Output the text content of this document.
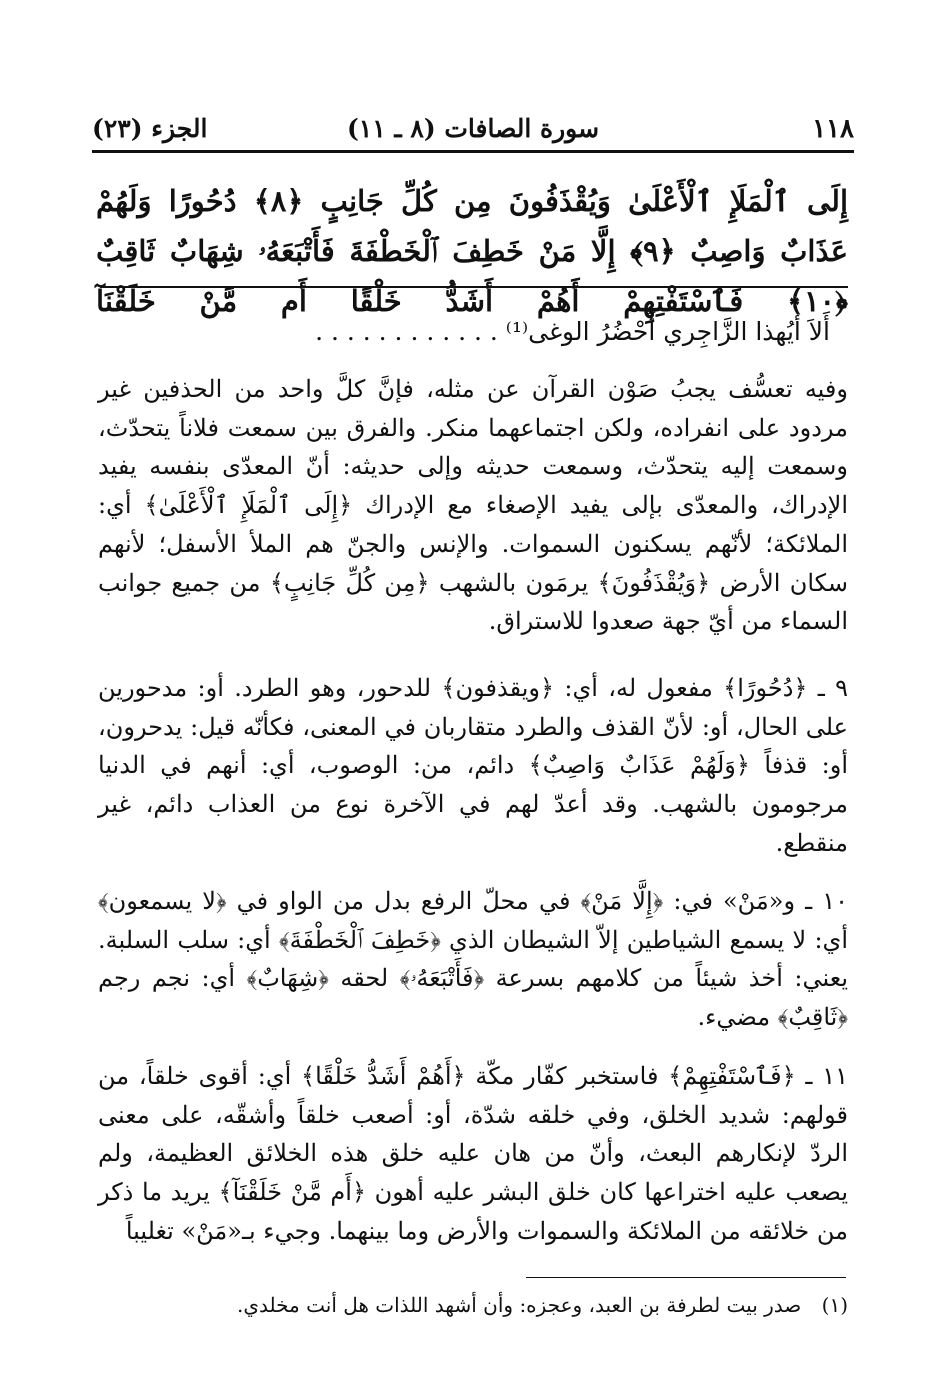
١١٨
سورة الصافات (٨ ـ ١١)
الجزء (٢٣)
إِلَى ٱلْمَلَإِ ٱلْأَعْلَىٰ وَيُقْذَفُونَ مِن كُلِّ جَانِبٍ ﴿٨﴾ دُحُورًا وَلَهُمْ عَذَابٌ وَاصِبٌ ﴿٩﴾ إِلَّا مَنْ خَطِفَ ٱلْخَطْفَةَ فَأَتْبَعَهُۥ شِهَابٌ ثَاقِبٌ ﴿١٠﴾ فَٱسْتَفْتِهِمْ أَهُمْ أَشَدُّ خَلْقًا أَم مَّنْ خَلَقْنَآ
أَلاَ أيُهذا الزَّاجِري أَحْضُرُ الوغى⁽¹⁾ . . . . . . . . . . . .
وفيه تعسُّف يجبُ صَوْن القرآن عن مثله، فإنَّ كلَّ واحد من الحذفين غير مردود على انفراده، ولكن اجتماعهما منكر. والفرق بين سمعت فلاناً يتحدّث، وسمعت إليه يتحدّث، وسمعت حديثه وإلى حديثه: أنّ المعدّى بنفسه يفيد الإدراك، والمعدّى بإلى يفيد الإصغاء مع الإدراك ﴿إِلَى ٱلْمَلَإِ ٱلْأَعْلَىٰ﴾ أي: الملائكة؛ لأنّهم يسكنون السموات. والإنس والجنّ هم الملأ الأسفل؛ لأنهم سكان الأرض ﴿وَيُقْذَفُونَ﴾ يرمَون بالشهب ﴿مِن كُلِّ جَانِبٍ﴾ من جميع جوانب السماء من أيّ جهة صعدوا للاستراق.
٩ ـ ﴿دُحُورًا﴾ مفعول له، أي: ﴿ويقذفون﴾ للدحور، وهو الطرد. أو: مدحورين على الحال، أو: لأنّ القذف والطرد متقاربان في المعنى، فكأنّه قيل: يدحرون، أو: قذفاً ﴿وَلَهُمْ عَذَابٌ وَاصِبٌ﴾ دائم، من: الوصوب، أي: أنهم في الدنيا مرجومون بالشهب. وقد أعدّ لهم في الآخرة نوع من العذاب دائم، غير منقطع.
١٠ ـ و«مَنْ» في: ﴿إِلَّا مَنْ﴾ في محلّ الرفع بدل من الواو في ﴿لا يسمعون﴾ أي: لا يسمع الشياطين إلاّ الشيطان الذي ﴿خَطِفَ ٱلْخَطْفَةَ﴾ أي: سلب السلبة. يعني: أخذ شيئاً من كلامهم بسرعة ﴿فَأَتْبَعَهُۥ﴾ لحقه ﴿شِهَابٌ﴾ أي: نجم رجم ﴿ثَاقِبٌ﴾ مضيء.
١١ ـ ﴿فَٱسْتَفْتِهِمْ﴾ فاستخبر كفّار مكّة ﴿أَهُمْ أَشَدُّ خَلْقًا﴾ أي: أقوى خلقاً، من قولهم: شديد الخلق، وفي خلقه شدّة، أو: أصعب خلقاً وأشقّه، على معنى الردّ لإنكارهم البعث، وأنّ من هان عليه خلق هذه الخلائق العظيمة، ولم يصعب عليه اختراعها كان خلق البشر عليه أهون ﴿أَم مَّنْ خَلَقْنَآ﴾ يريد ما ذكر من خلائقه من الملائكة والسموات والأرض وما بينهما. وجيء بـ«مَنْ» تغليباً
(١) صدر بيت لطرفة بن العبد، وعجزه: وأن أشهد اللذات هل أنت مخلدي.
